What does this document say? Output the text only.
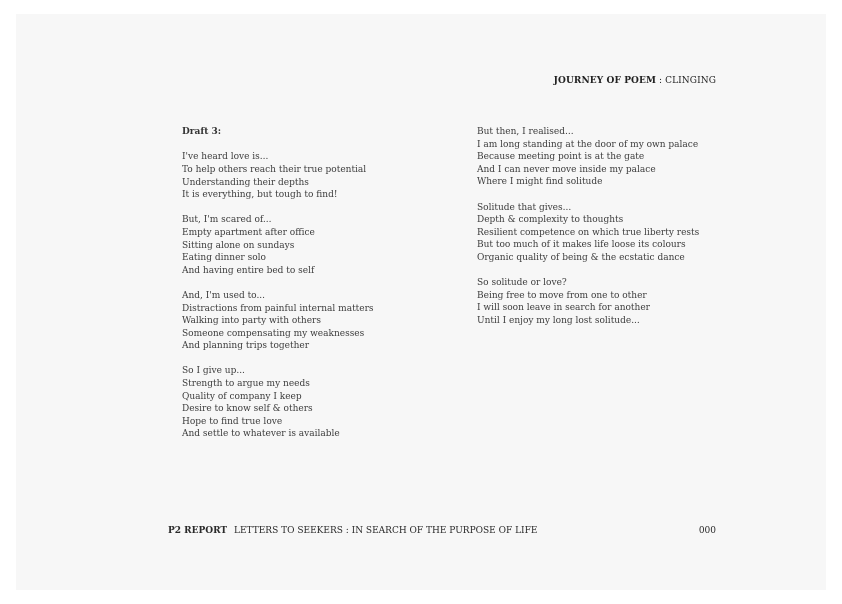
JOURNEY OF POEM : CLINGING
Draft 3:
I've heard love is...
To help others reach their true potential
Understanding their depths
It is everything, but tough to find!
But, I'm scared of...
Empty apartment after office
Sitting alone on sundays
Eating dinner solo
And having entire bed to self
And, I'm used to...
Distractions from painful internal matters
Walking into party with others
Someone compensating my weaknesses
And planning trips together
So I give up...
Strength to argue my needs
Quality of company I keep
Desire to know self & others
Hope to find true love
And settle to whatever is available
But then, I realised...
I am long standing at the door of my own palace
Because meeting point is at the gate
And I can never move inside my palace
Where I might find solitude
Solitude that gives...
Depth & complexity to thoughts
Resilient competence on which true liberty rests
But too much of it makes life loose its colours
Organic quality of being & the ecstatic dance
So solitude or love?
Being free to move from one to other
I will soon leave in search for another
Until I enjoy my long lost solitude...
P2 REPORT LETTERS TO SEEKERS : IN SEARCH OF THE PURPOSE OF LIFE	000
